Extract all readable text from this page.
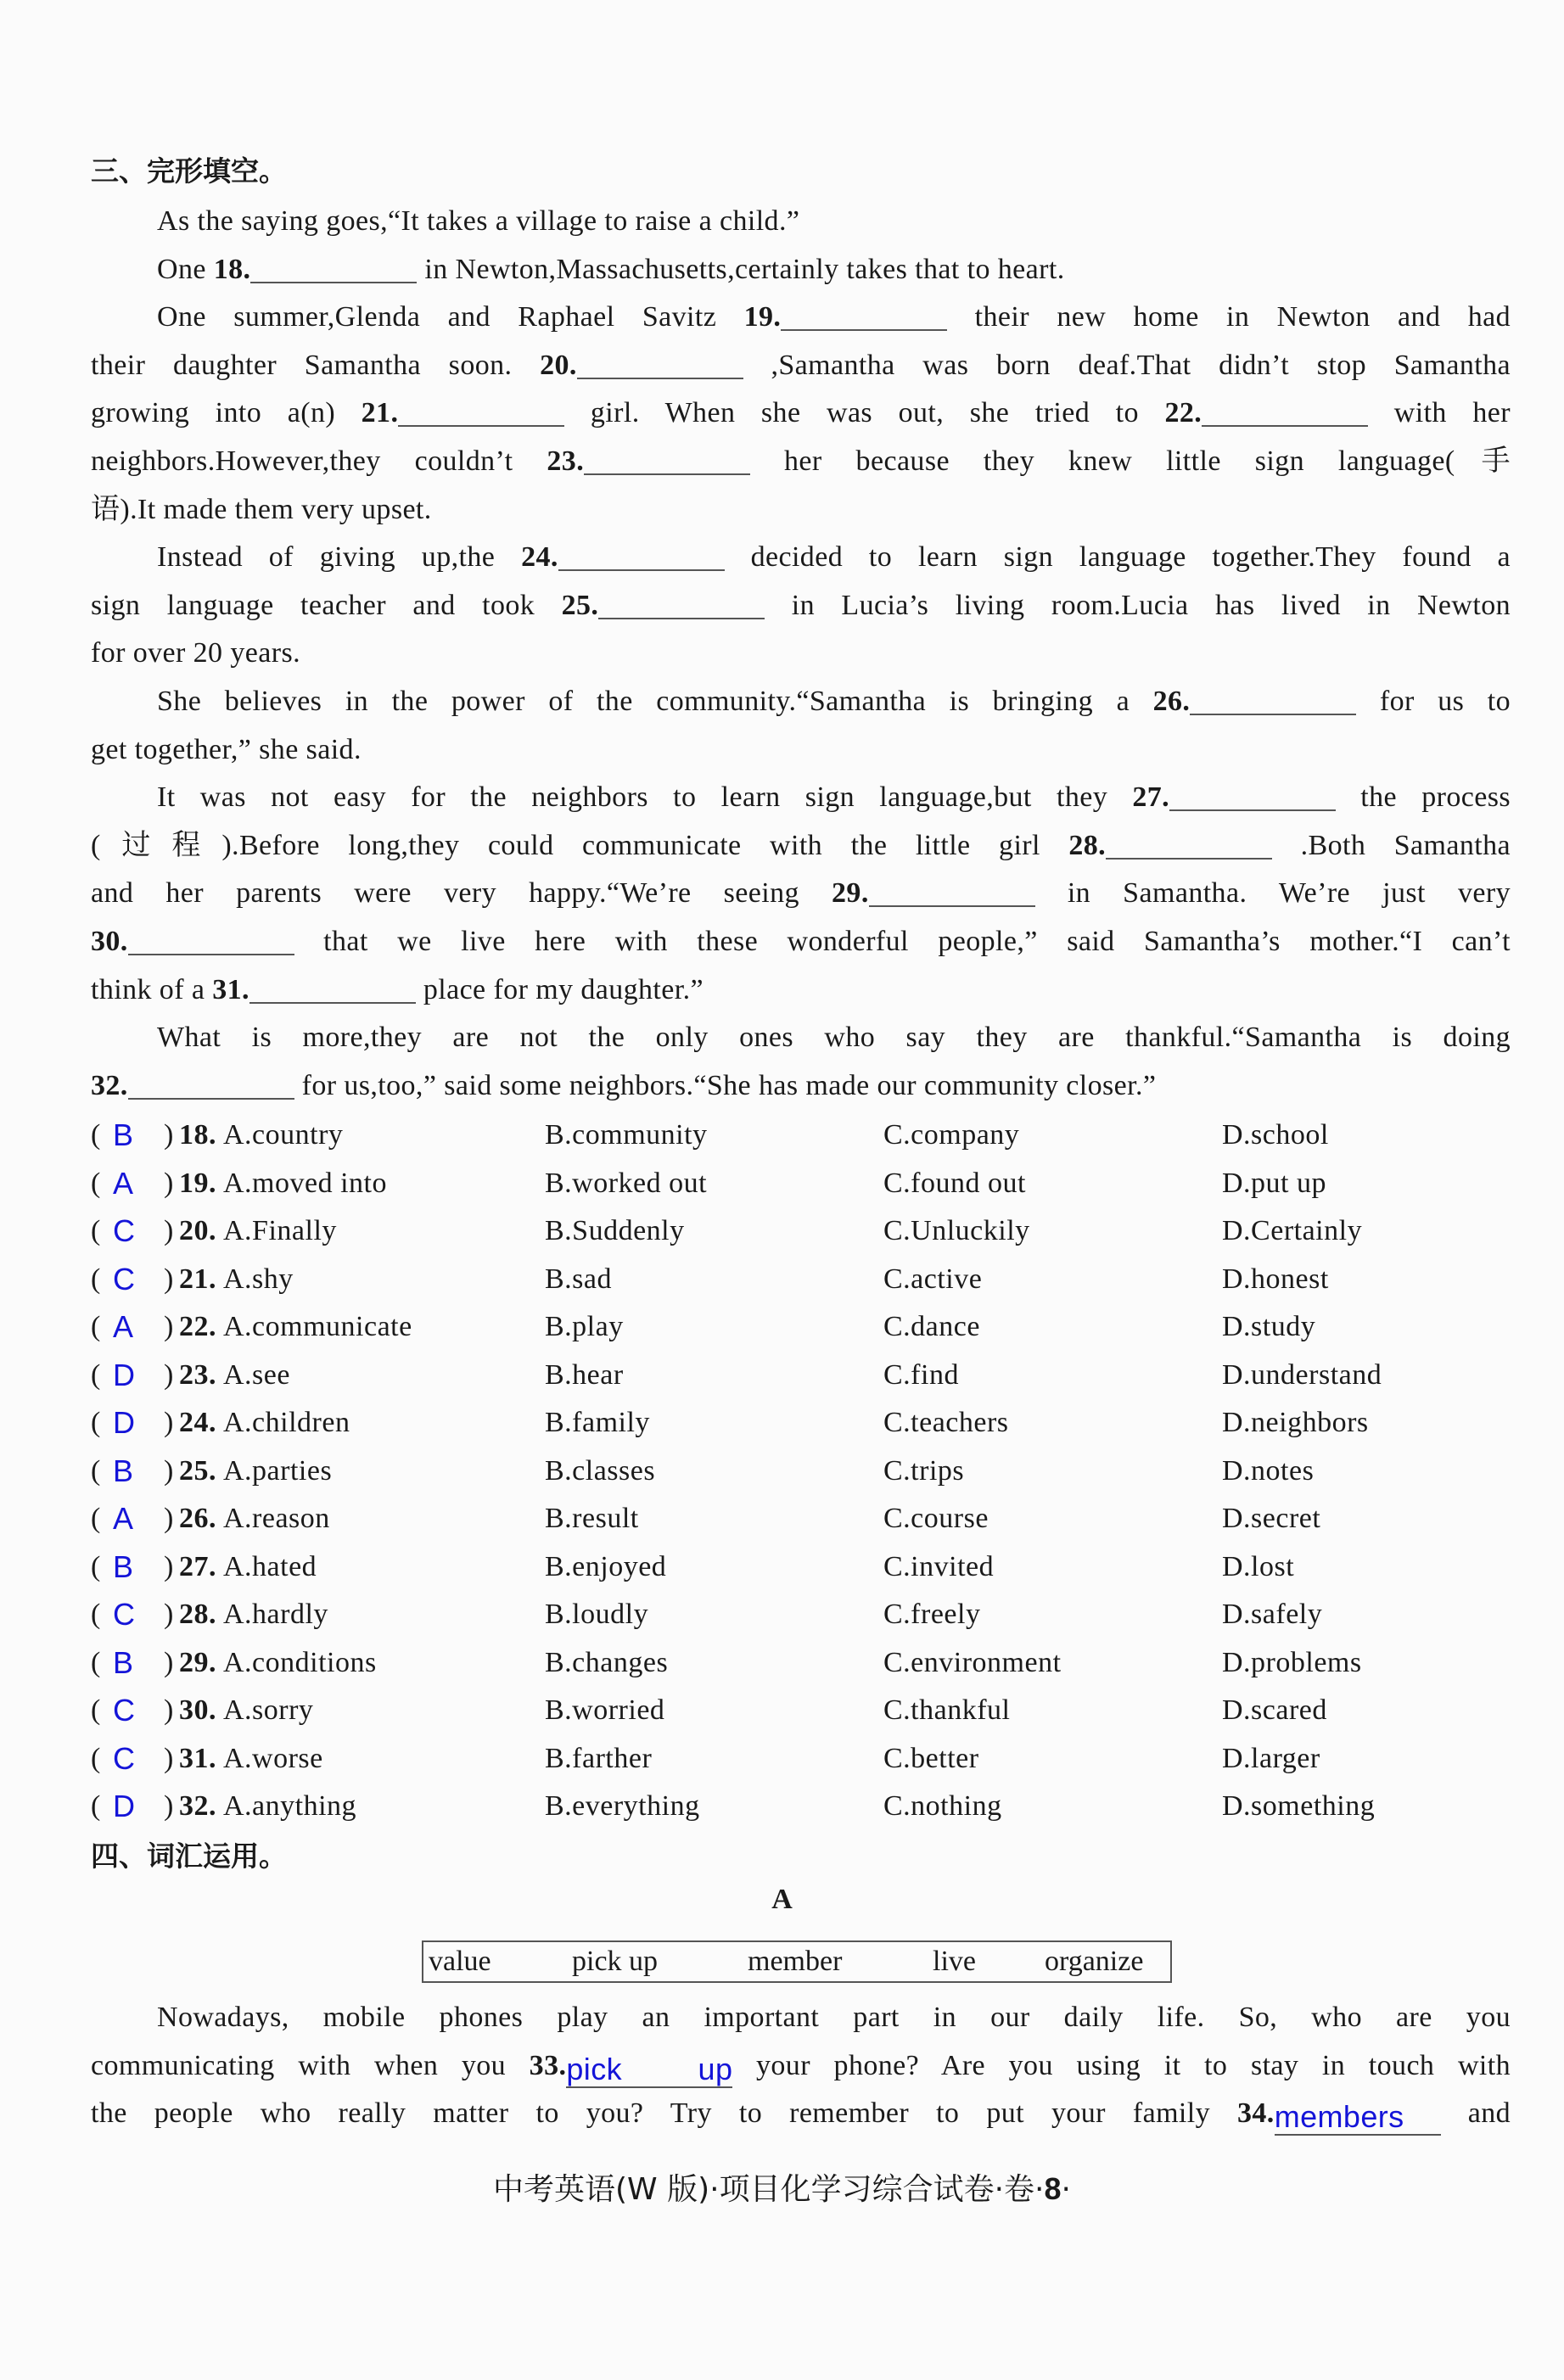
三、完形填空。
As the saying goes,“It takes a village to raise a child.”
One 18.	in Newton,Massachusetts,certainly takes that to heart.
One summer,Glenda and Raphael Savitz 19.	their new home in Newton and had
their daughter Samantha soon. 20.	,Samantha was born deaf.That didn’t stop Samantha
growing into a(n) 21.	girl. When she was out, she tried to 22.	with her
neighbors.However,they couldn’t 23.	her because they knew little sign language(手
语).It made them very upset.
Instead of giving up,the 24.	decided to learn sign language together.They found a
sign language teacher and took 25.	in Lucia’s living room.Lucia has lived in Newton
for over 20 years.
She believes in the power of the community.“Samantha is bringing a 26.	for us to
get together,” she said.
It was not easy for the neighbors to learn sign language,but they 27.	the process
(过程).Before long,they could communicate with the little girl 28.	.Both Samantha
and her parents were very happy.“We’re seeing 29.	in Samantha. We’re just very
30.	that we live here with these wonderful people,” said Samantha’s mother.“I can’t
think of a 31.	place for my daughter.”
What is more,they are not the only ones who say they are thankful.“Samantha is doing
32.	for us,too,” said some neighbors.“She has made our community closer.”
( B ) 18. A.country	B.community	C.company	D.school
( A ) 19. A.moved into	B.worked out	C.found out	D.put up
( C ) 20. A.Finally	B.Suddenly	C.Unluckily	D.Certainly
( C ) 21. A.shy	B.sad	C.active	D.honest
( A ) 22. A.communicate	B.play	C.dance	D.study
( D ) 23. A.see	B.hear	C.find	D.understand
( D ) 24. A.children	B.family	C.teachers	D.neighbors
( B ) 25. A.parties	B.classes	C.trips	D.notes
( A ) 26. A.reason	B.result	C.course	D.secret
( B ) 27. A.hated	B.enjoyed	C.invited	D.lost
( C ) 28. A.hardly	B.loudly	C.freely	D.safely
( B ) 29. A.conditions	B.changes	C.environment	D.problems
( C ) 30. A.sorry	B.worried	C.thankful	D.scared
( C ) 31. A.worse	B.farther	C.better	D.larger
( D ) 32. A.anything	B.everything	C.nothing	D.something
四、词汇运用。
A
value	pick up	member	live organize
Nowadays, mobile phones play an important part in our daily life. So, who are you
communicating with when you 33.pick up your phone? Are you using it to stay in touch with
the people who really matter to you? Try to remember to put your family 34.members and
中考英语(W 版)·项目化学习综合试卷·卷·8·
